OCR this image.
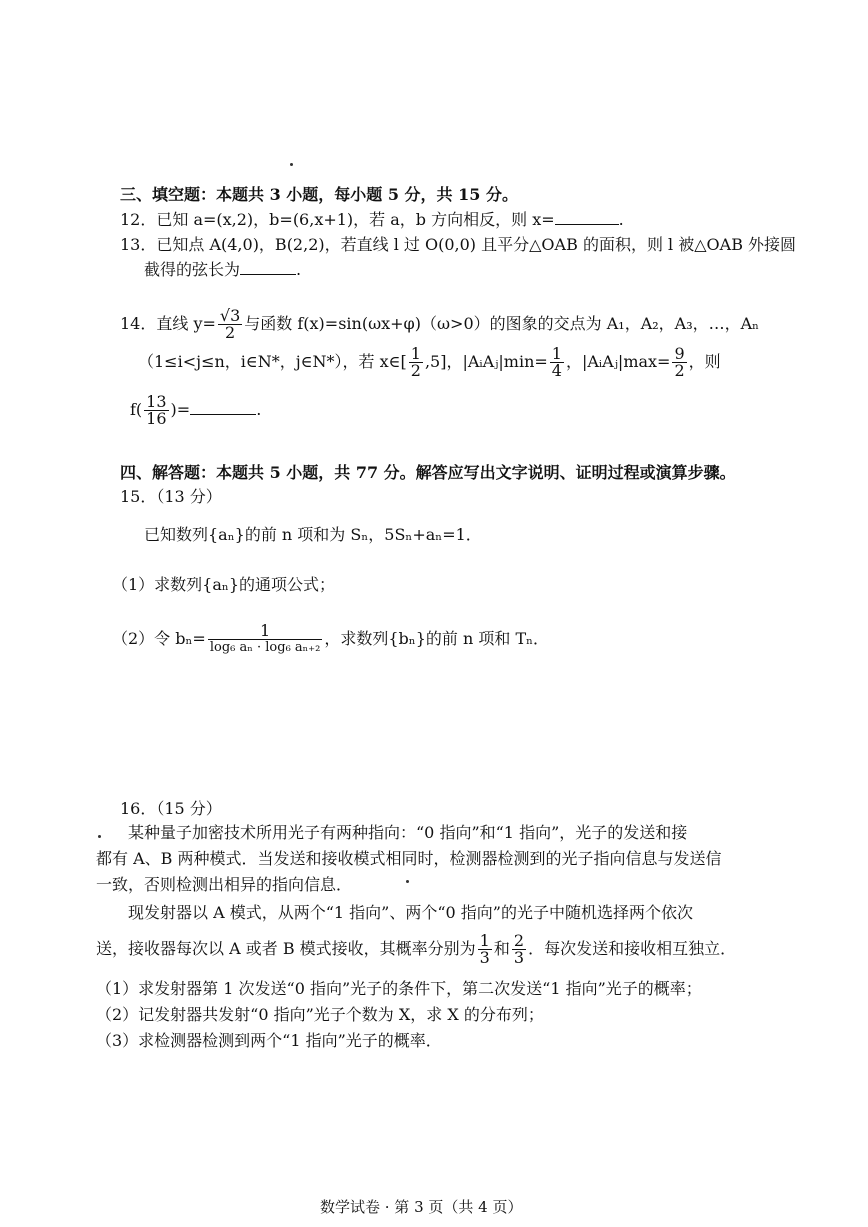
三、填空题：本题共 3 小题，每小题 5 分，共 15 分。
12．已知 a=(x,2)，b=(6,x+1)，若 a，b 方向相反，则 x=	.
13．已知点 A(4,0)，B(2,2)，若直线 l 过 O(0,0) 且平分△OAB 的面积，则 l 被△OAB 外接圆
截得的弦长为	.
14．直线 $y= \frac{√3}{2}$ 与函数 f(x)=sin(ωx+φ)（ω>0）的图象的交点为 A₁，A₂，A₃，…，Aₙ
（1≤i<j≤n，i∈N*，j∈N*），若 x∈[ $\frac{1}{2} ,5$]，|AᵢAⱼ|min= $\frac{1}{4}$ ，|AᵢAⱼ|max= $\frac{9}{2}$ ，则
$f( \frac{13}{16}$ )=	.
四、解答题：本题共 5 小题，共 77 分。解答应写出文字说明、证明过程或演算步骤。
15．（13 分）
已知数列{aₙ}的前 n 项和为 Sₙ，5Sₙ+aₙ=1．
（1）求数列{aₙ}的通项公式；
（2）令 $b_n= \frac{1}{\text{log₆ aₙ · log₆ aₙ₊₂}}$ ，求数列{bₙ}的前 n 项和 Tₙ．
16．（15 分）
某种量子加密技术所用光子有两种指向：“0 指向”和“1 指向”，光子的发送和接
都有 A、B 两种模式．当发送和接收模式相同时，检测器检测到的光子指向信息与发送信
一致，否则检测出相异的指向信息．
现发射器以 A 模式，从两个“1 指向”、两个“0 指向”的光子中随机选择两个依次
送，接收器每次以 A 或者 B 模式接收，其概率分别为 $\frac{1}{3}$ 和 $\frac{2}{3}$ ．每次发送和接收相互独立．
（1）求发射器第 1 次发送“0 指向”光子的条件下，第二次发送“1 指向”光子的概率；
（2）记发射器共发射“0 指向”光子个数为 X，求 X 的分布列；
（3）求检测器检测到两个“1 指向”光子的概率．
数学试卷 · 第 3 页（共 4 页）
